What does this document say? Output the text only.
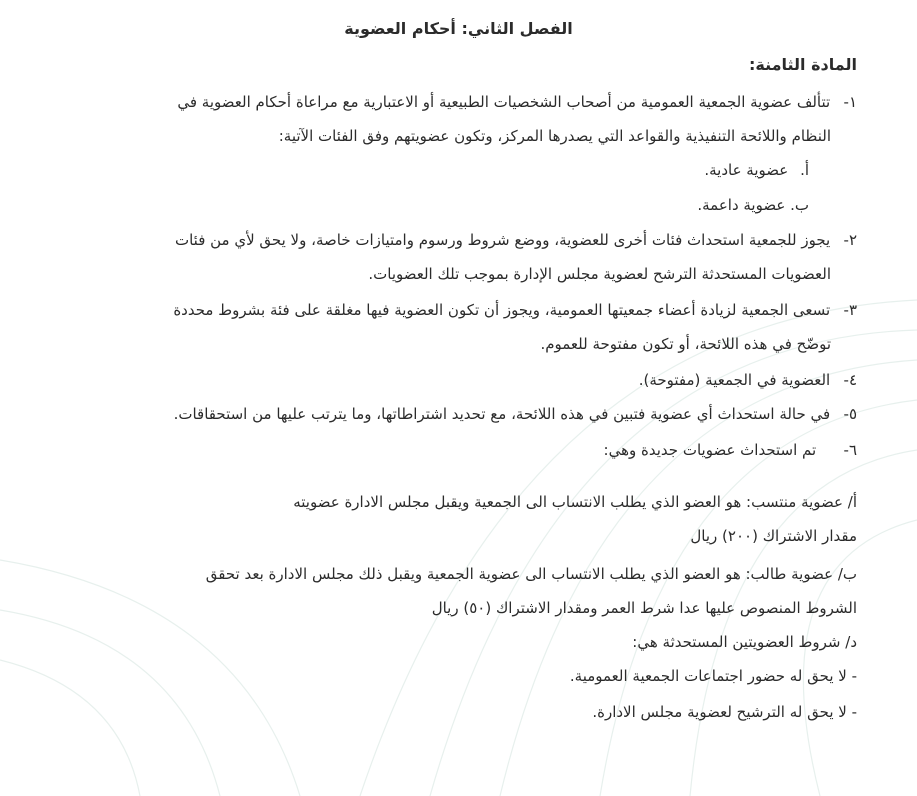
الفصل الثاني: أحكام العضوية
المادة الثامنة:
١- تتألف عضوية الجمعية العمومية من أصحاب الشخصيات الطبيعية أو الاعتبارية مع مراعاة أحكام العضوية في
النظام واللائحة التنفيذية والقواعد التي يصدرها المركز، وتكون عضويتهم وفق الفئات الآتية:
أ. عضوية عادية.
ب. عضوية داعمة.
٢- يجوز للجمعية استحداث فئات أخرى للعضوية، ووضع شروط ورسوم وامتيازات خاصة، ولا يحق لأي من فئات
العضويات المستحدثة الترشح لعضوية مجلس الإدارة بموجب تلك العضويات.
٣- تسعى الجمعية لزيادة أعضاء جمعيتها العمومية، ويجوز أن تكون العضوية فيها مغلقة على فئة بشروط محددة
توضّح في هذه اللائحة، أو تكون مفتوحة للعموم.
٤- العضوية في الجمعية (مفتوحة).
٥- في حالة استحداث أي عضوية فتبين في هذه اللائحة، مع تحديد اشتراطاتها، وما يترتب عليها من استحقاقات.
٦- تم استحداث عضويات جديدة وهي:
أ/ عضوية منتسب: هو العضو الذي يطلب الانتساب الى الجمعية ويقبل مجلس الادارة عضويته
مقدار الاشتراك (٢٠٠) ريال
ب/ عضوية طالب: هو العضو الذي يطلب الانتساب الى عضوية الجمعية ويقبل ذلك مجلس الادارة بعد تحقق
الشروط المنصوص عليها عدا شرط العمر ومقدار الاشتراك (٥٠) ريال
د/ شروط العضويتين المستحدثة هي:
- لا يحق له حضور اجتماعات الجمعية العمومية.
- لا يحق له الترشيح لعضوية مجلس الادارة.
